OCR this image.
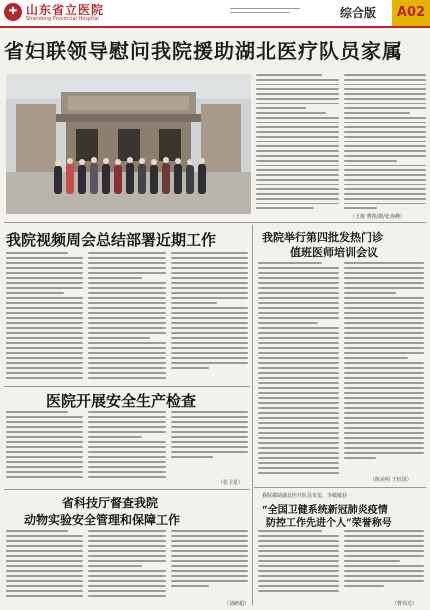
✚ 山东省立医院
Shandong Provincial Hospital	综合版	A02
省妇联领导慰问我院援助湖北医疗队员家属
（王俊 曹凯/摄/张海峰）
我院视频周会总结部署近期工作
医院开展安全生产检查
（张卫星）
省科技厅督查我院
动物实验安全管理和保障工作
（刘研超）
我院举行第四批发热门诊
值班医师培训会议
（陈美明 王恒国）
我院援助湖北医疗队员朱玺、李敏敏获
“全国卫健系统新冠肺炎疫情
防控工作先进个人”荣誉称号
（曹伟达）
